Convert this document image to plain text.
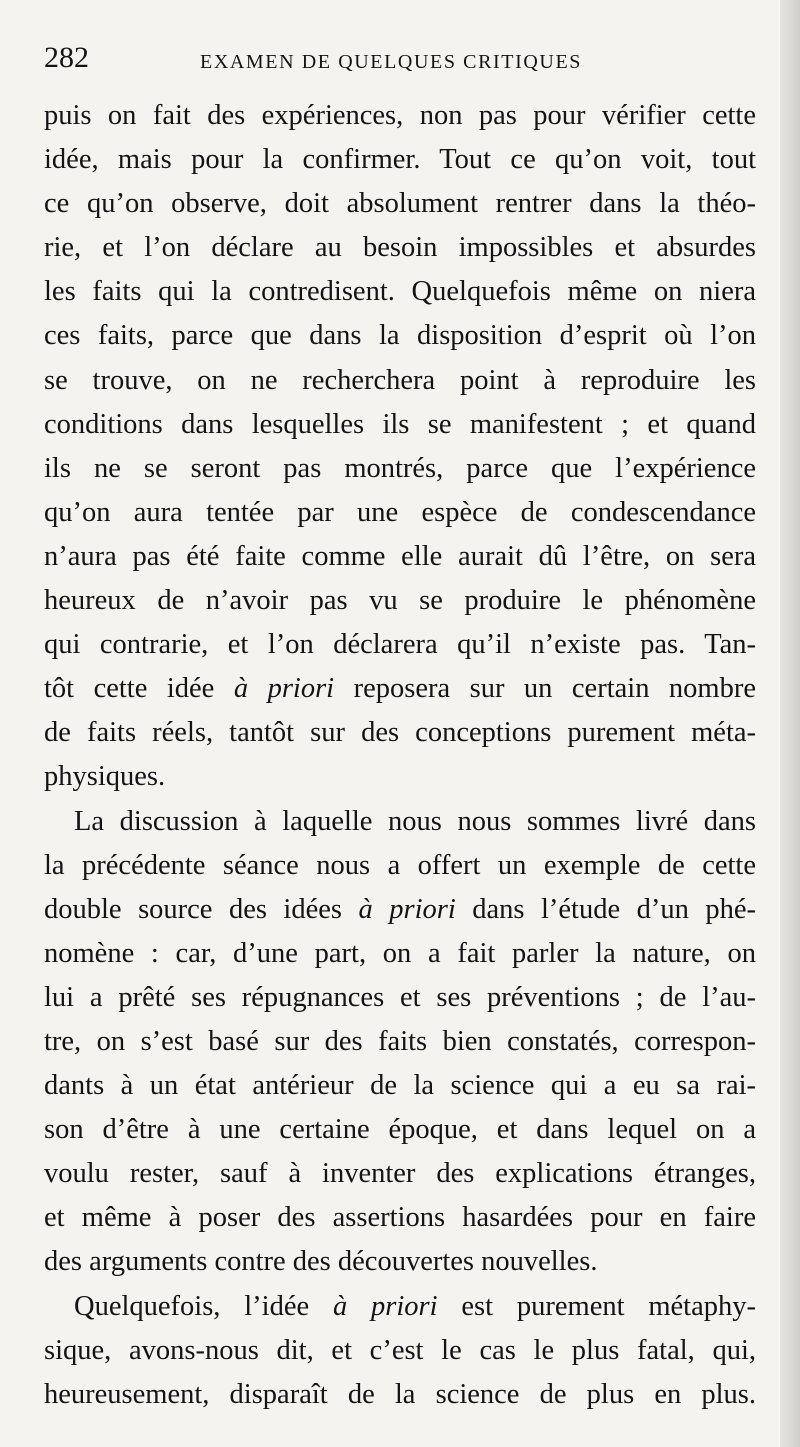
282	EXAMEN DE QUELQUES CRITIQUES
puis on fait des expériences, non pas pour vérifier cette
idée, mais pour la confirmer. Tout ce qu’on voit, tout
ce qu’on observe, doit absolument rentrer dans la théo-
rie, et l’on déclare au besoin impossibles et absurdes
les faits qui la contredisent. Quelquefois même on niera
ces faits, parce que dans la disposition d’esprit où l’on
se trouve, on ne recherchera point à reproduire les
conditions dans lesquelles ils se manifestent ; et quand
ils ne se seront pas montrés, parce que l’expérience
qu’on aura tentée par une espèce de condescendance
n’aura pas été faite comme elle aurait dû l’être, on sera
heureux de n’avoir pas vu se produire le phénomène
qui contrarie, et l’on déclarera qu’il n’existe pas. Tan-
tôt cette idée à priori reposera sur un certain nombre
de faits réels, tantôt sur des conceptions purement méta-
physiques.
La discussion à laquelle nous nous sommes livré dans
la précédente séance nous a offert un exemple de cette
double source des idées à priori dans l’étude d’un phé-
nomène : car, d’une part, on a fait parler la nature, on
lui a prêté ses répugnances et ses préventions ; de l’au-
tre, on s’est basé sur des faits bien constatés, correspon-
dants à un état antérieur de la science qui a eu sa rai-
son d’être à une certaine époque, et dans lequel on a
voulu rester, sauf à inventer des explications étranges,
et même à poser des assertions hasardées pour en faire
des arguments contre des découvertes nouvelles.
Quelquefois, l’idée à priori est purement métaphy-
sique, avons-nous dit, et c’est le cas le plus fatal, qui,
heureusement, disparaît de la science de plus en plus.
